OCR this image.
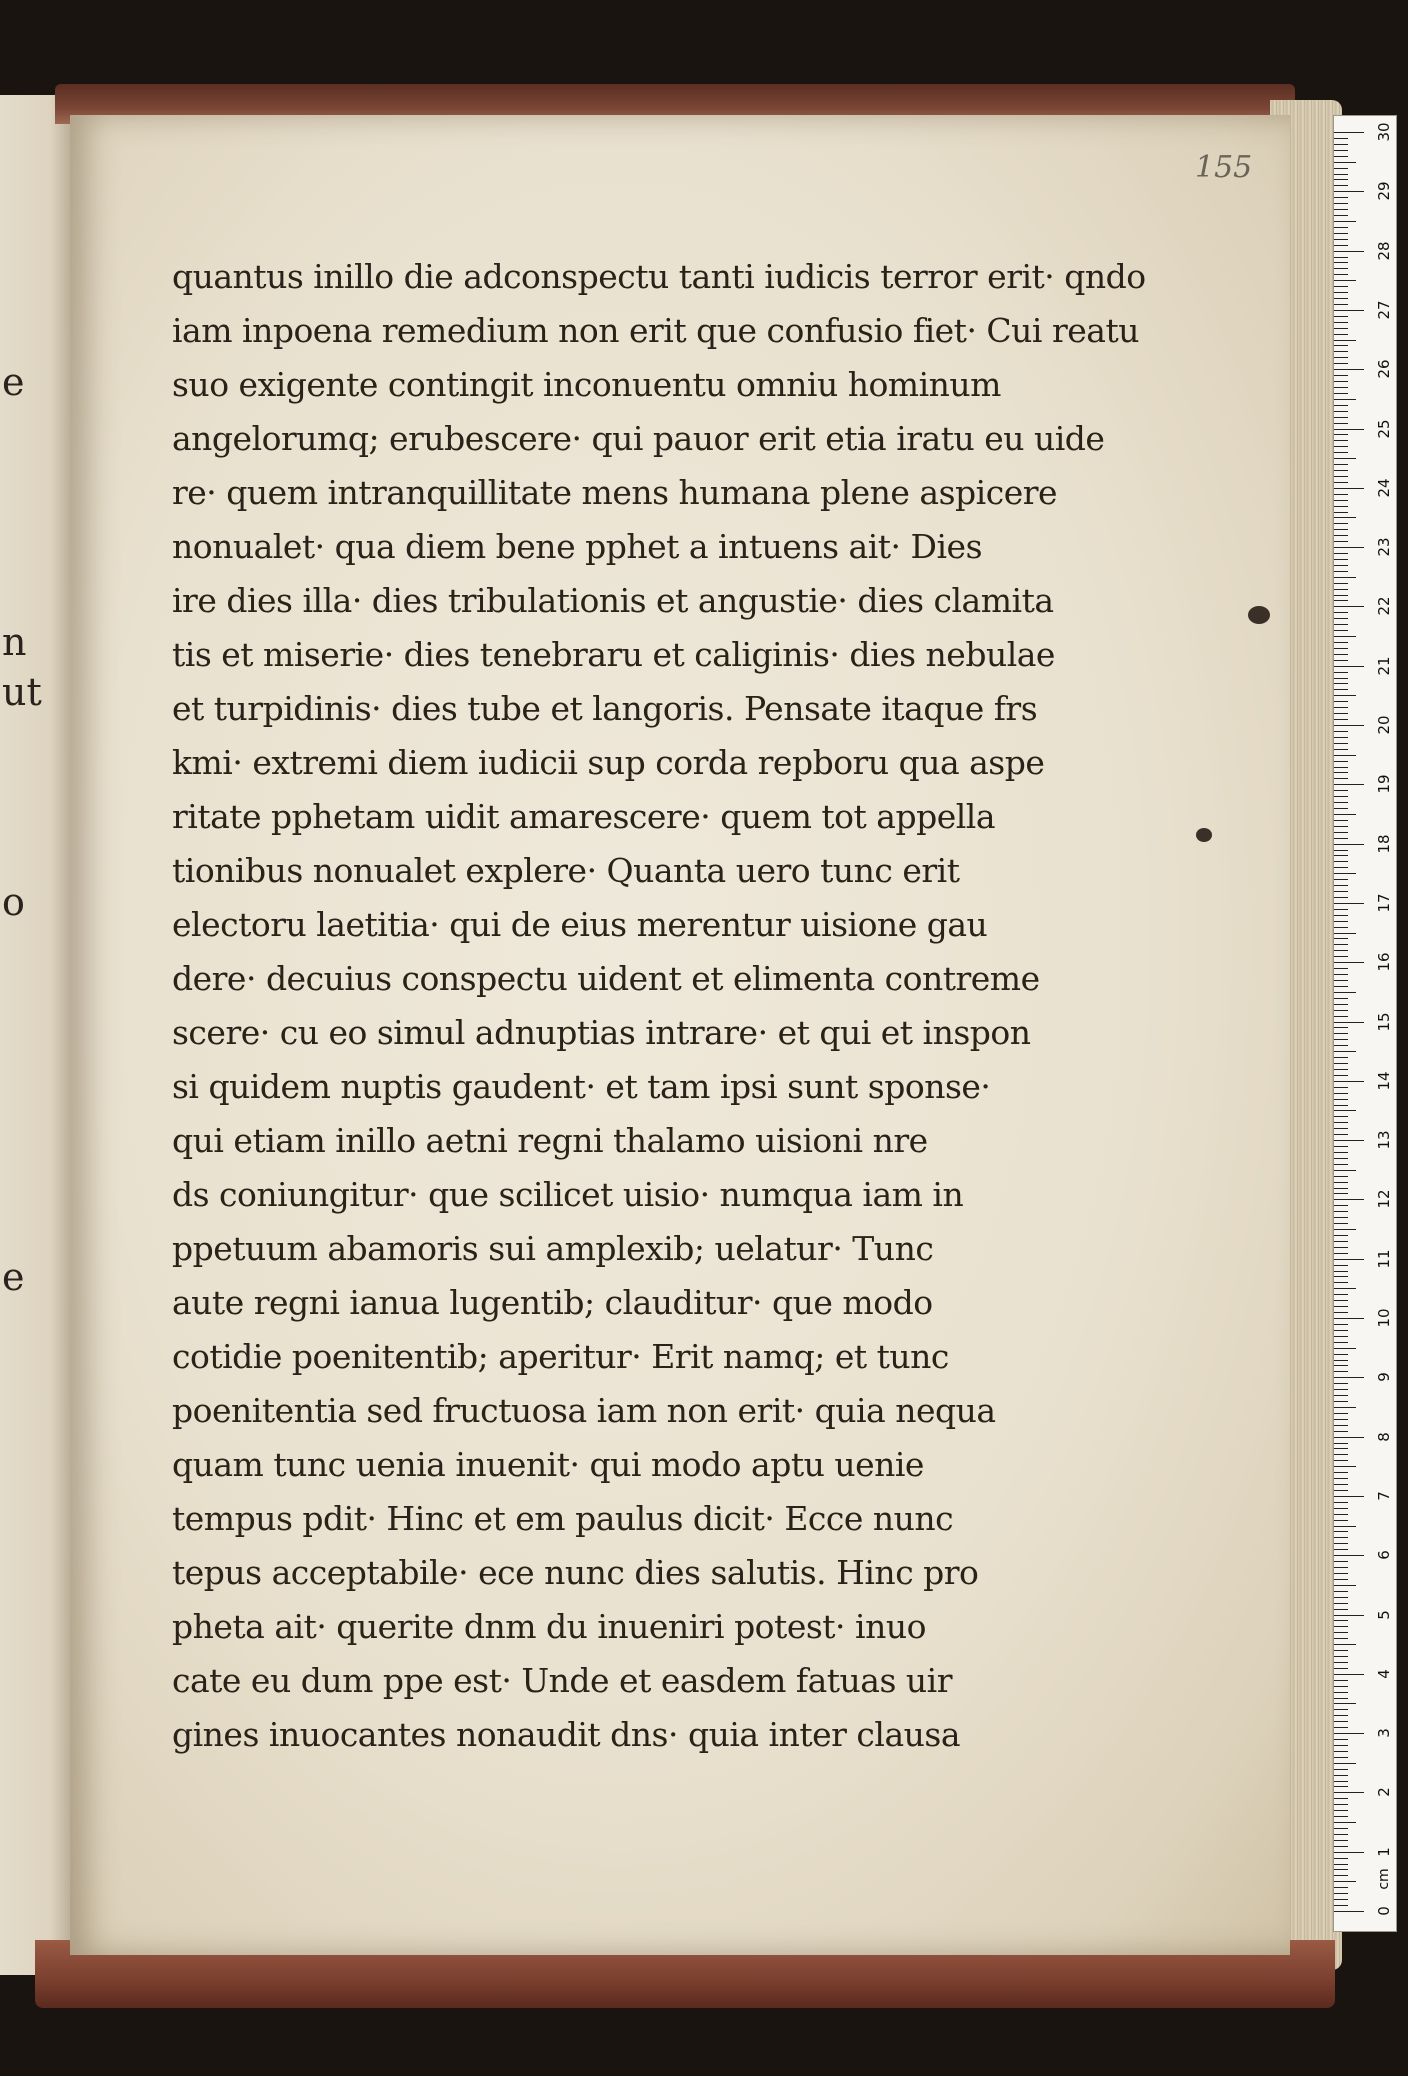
e
n
ut
o
e
155
quantus inillo die adconspectu tanti iudicis terror erit· qndo
iam inpoena remedium non erit que confusio fiet· Cui reatu
suo exigente contingit inconuentu omniu hominum
angelorumq; erubescere· qui pauor erit etia iratu eu uide
re· quem intranquillitate mens humana plene aspicere
nonualet· qua diem bene pphet a intuens ait· Dies
ire dies illa· dies tribulationis et angustie· dies clamita
tis et miserie· dies tenebraru et caliginis· dies nebulae
et turpidinis· dies tube et langoris. Pensate itaque frs
kmi· extremi diem iudicii sup corda repboru qua aspe
ritate pphetam uidit amarescere· quem tot appella
tionibus nonualet explere· Quanta uero tunc erit
electoru laetitia· qui de eius merentur uisione gau
dere· decuius conspectu uident et elimenta contreme
scere· cu eo simul adnuptias intrare· et qui et inspon
si quidem nuptis gaudent· et tam ipsi sunt sponse·
qui etiam inillo aetni regni thalamo uisioni nre
ds coniungitur· que scilicet uisio· numqua iam in
ppetuum abamoris sui amplexib; uelatur· Tunc
aute regni ianua lugentib; clauditur· que modo
cotidie poenitentib; aperitur· Erit namq; et tunc
poenitentia sed fructuosa iam non erit· quia nequa
quam tunc uenia inuenit· qui modo aptu uenie
tempus pdit· Hinc et em paulus dicit· Ecce nunc
tepus acceptabile· ece nunc dies salutis. Hinc pro
pheta ait· querite dnm du inueniri potest· inuo
cate eu dum ppe est· Unde et easdem fatuas uir
gines inuocantes nonaudit dns· quia inter clausa
cm
1
2
3
4
5
6
7
8
9
10
11
12
13
14
15
16
17
18
19
20
21
22
23
24
25
26
27
28
29
30
0
